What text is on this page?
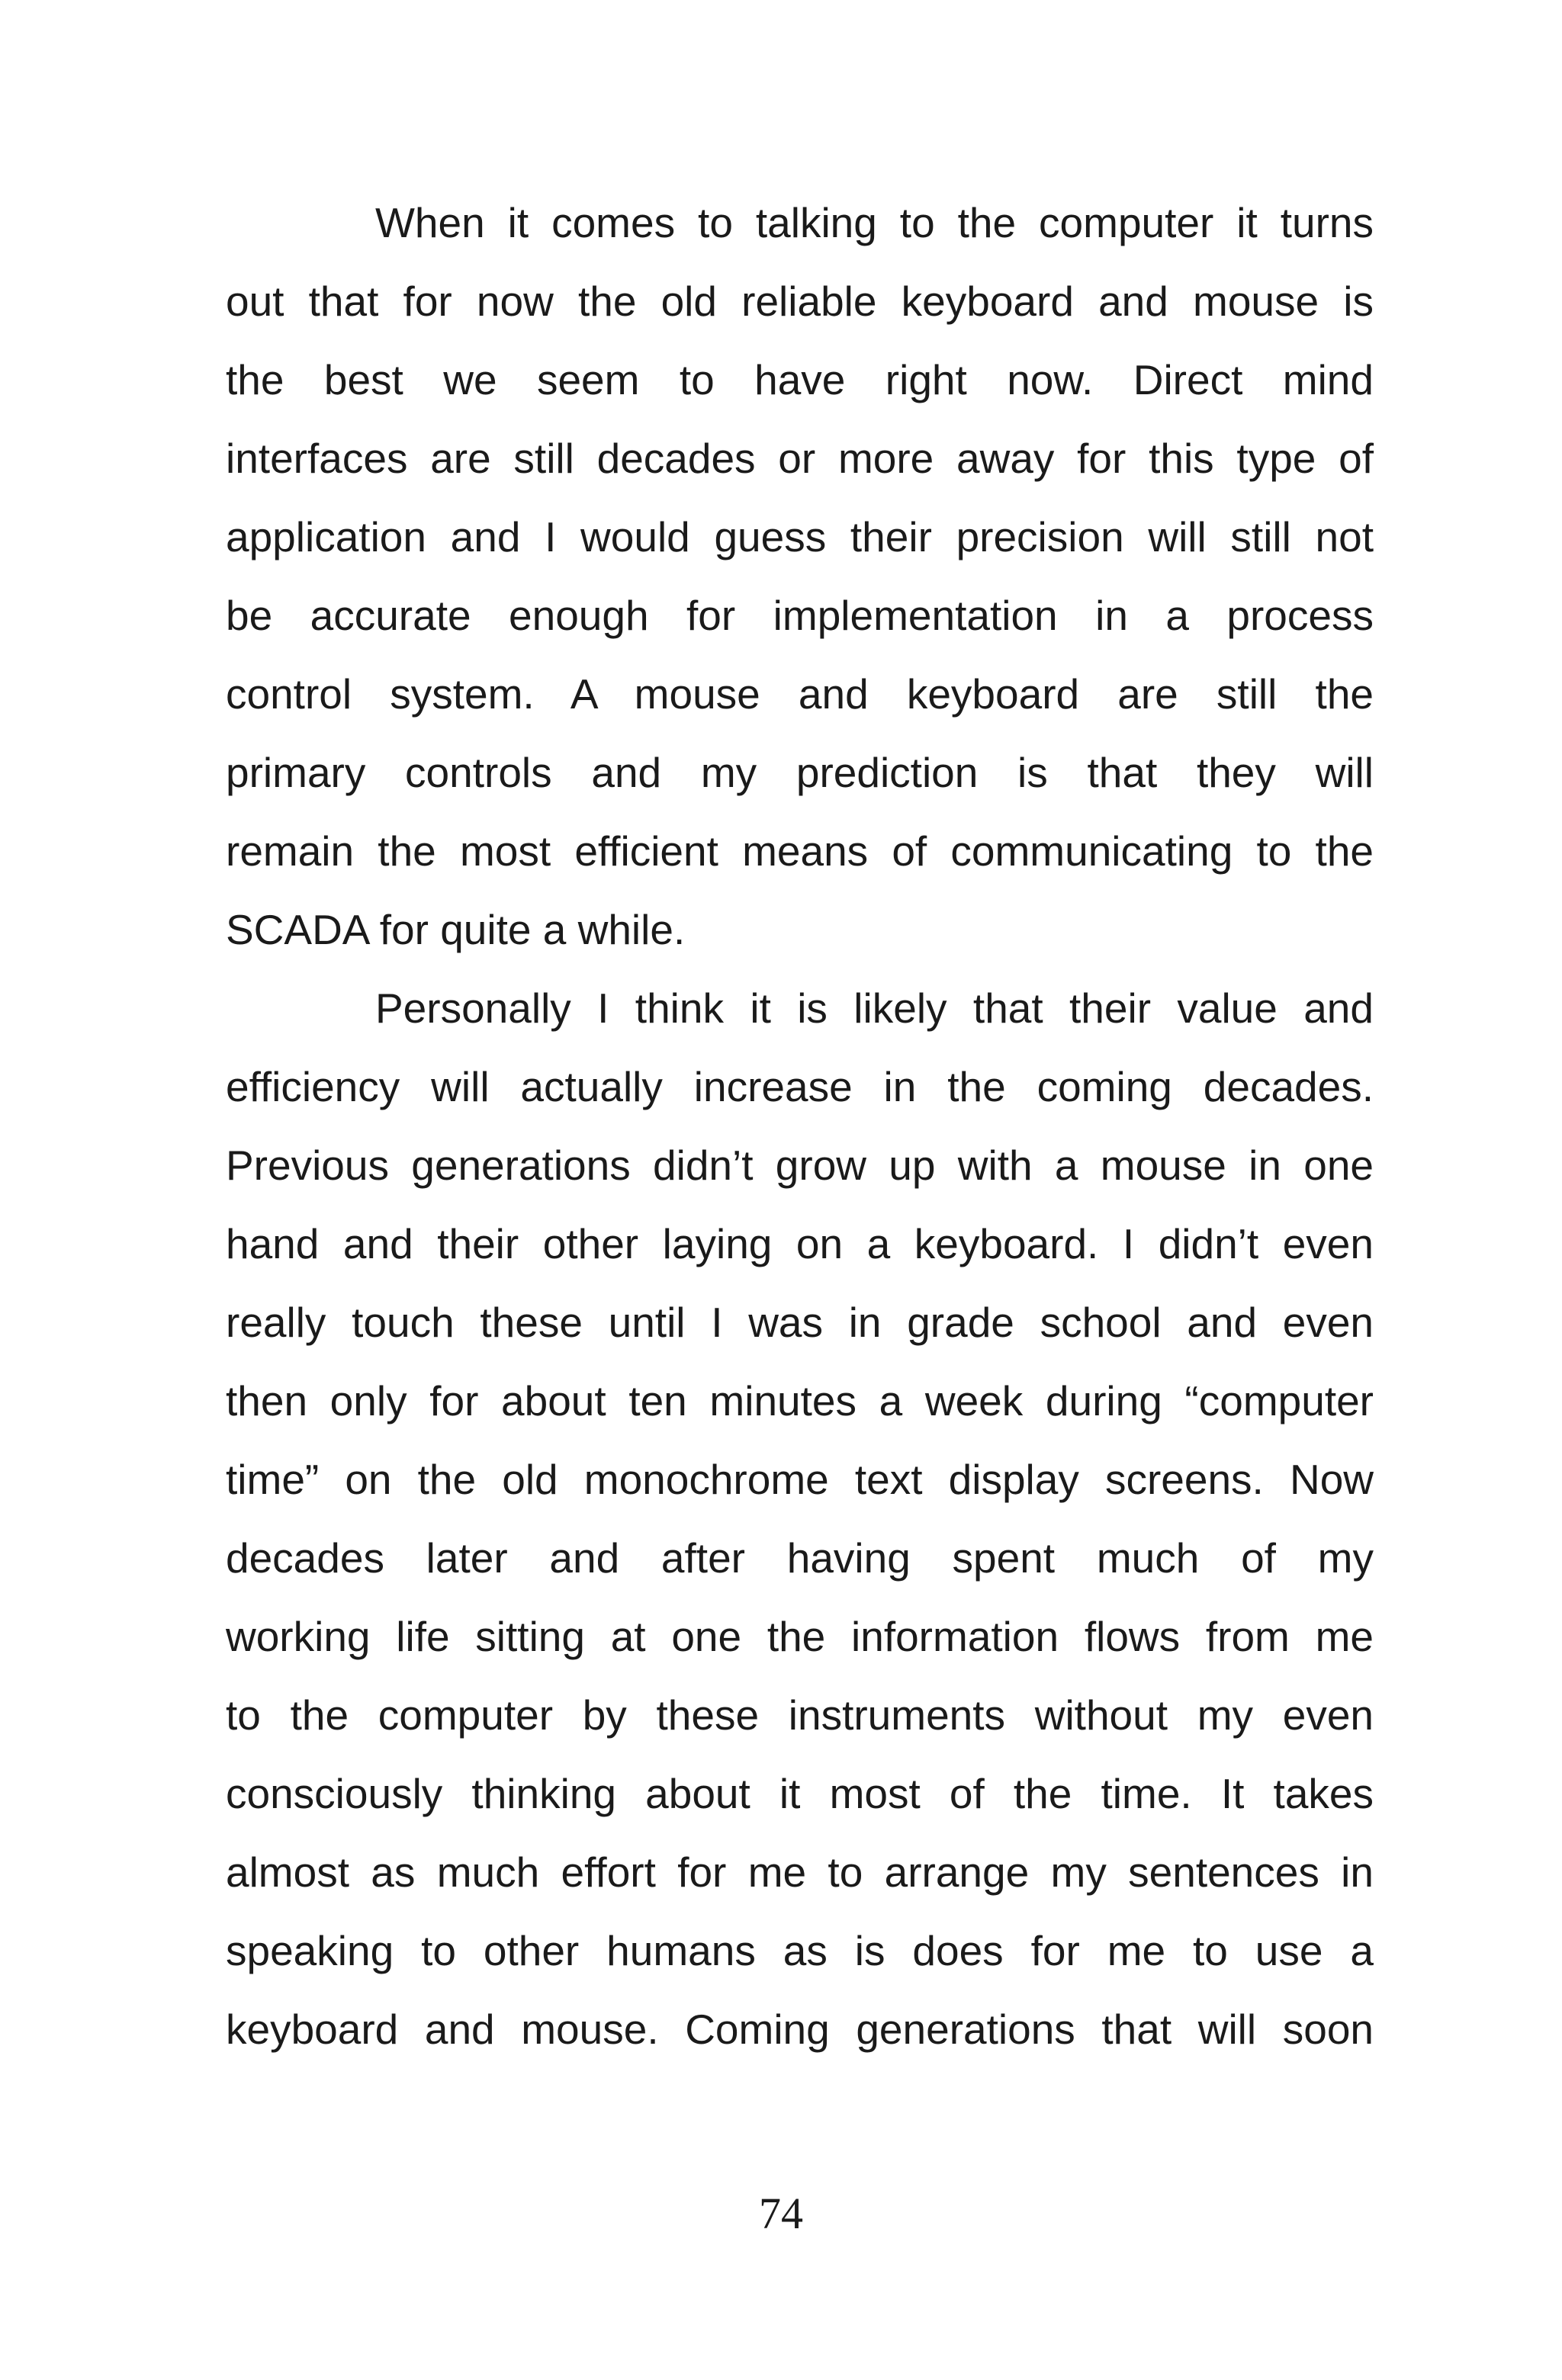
When it comes to talking to the computer it turns
out that for now the old reliable keyboard and mouse is
the best we seem to have right now. Direct mind
interfaces are still decades or more away for this type of
application and I would guess their precision will still not
be accurate enough for implementation in a process
control system. A mouse and keyboard are still the
primary controls and my prediction is that they will
remain the most efficient means of communicating to the
SCADA for quite a while.
Personally I think it is likely that their value and
efficiency will actually increase in the coming decades.
Previous generations didn’t grow up with a mouse in one
hand and their other laying on a keyboard. I didn’t even
really touch these until I was in grade school and even
then only for about ten minutes a week during “computer
time” on the old monochrome text display screens. Now
decades later and after having spent much of my
working life sitting at one the information flows from me
to the computer by these instruments without my even
consciously thinking about it most of the time. It takes
almost as much effort for me to arrange my sentences in
speaking to other humans as is does for me to use a
keyboard and mouse. Coming generations that will soon
74
